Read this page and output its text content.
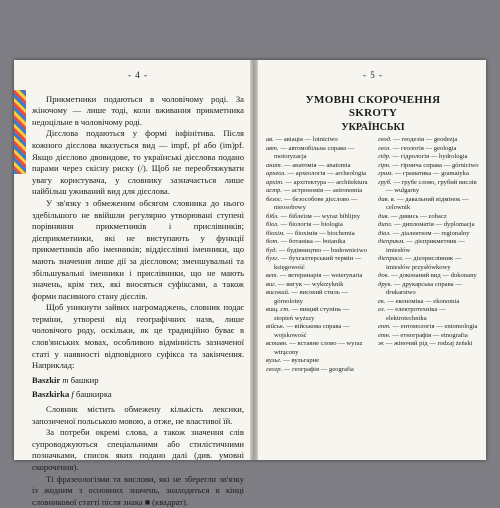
- 4 -

Прикметники подаються в чоловічому роді. За жіночому — лише тоді, коли вживання прикметника недоцільне в чоловічому роді.

Дієслова подаються у формі інфінітива. Після кожного дієслова вказується вид — impf, pf або (im)pf. Якщо дієслово двовидове, то українські дієслова подано парами через скісну риску (/). Щоб не переобтяжувати увагу користувача, у словнику зазначається лише найбільш уживаний вид для дієслова.

У зв'язку з обмеженим обсягом словника до нього здебільшого не ввійшли регулярно утворювані ступені порівняння прикметників і прислівників; дієприкметники, які не виступають у функції прикметників або іменників; віддієслівні іменники, що мають значення лише дії за дієсловом; зменшувальні та збільшувальні іменники і прислівники, що не мають значень, крім тих, які вносяться суфіксами, а також форми пасивного стану дієслів.

Щоб уникнути зайвих нагромаджень, словник подає терміни, утворені від географічних назв, лише чоловічого роду, оскільки, як це традиційно буває в слов'янських мовах, особливою відмінність зазначеної статі у наявності відповідного суфікса та закінчення. Наприклад:

Baszkir m башкир
Baszkirka f башкирка

Словник містить обмежену кількість лексики, запозиченої польською мовою, а отже, не властивої їй.

За потреби окремі слова, а також значення слів супроводжуються спеціальними або стилістичними позначками, список яких подано далі (див. умовні скорочення).

Ті фразеологізми та вислови, які не зберегли зв'язку із жодним з основних значень, знаходяться в кінці словникової статті після знака ■ (квадрат).

- 5 -
УМОВНІ СКОРОЧЕННЯ
SKROTY
УКРАЇНСЬКІ

ав. — авіація — lotnictwo

авт. — автомобільна справа — motoryzacja

анат. — анатомія — anatomia

археол. — археологія — archeologia

архіт. — архітектура — architektura

астр. — астрономія — astronomia

безос. — безособове дієслово — nieosobowy

бібл. — біблеїзм — wyraz biblijny

біол. — біологія — biologia

біохім. — біохімія — biochemia

бот. — ботаніка — botanika

буд. — будівництво — budownictwo

бухг. — бухгалтерський термін — księgowość

вет. — ветеринарія — weterynaria

виг. — вигук — wykrzyknik

високий. — високий стиль — górnolotny

вищ. ст. — вищий ступінь — stopień wyższy

військ. — військова справа — wojskowość

вставн. — вставне слово — wyraz wtrącony

вульг. — вульгарне

геогр. — географія — geografia

геод. — геодезія — geodezja

геол. — геологія — geologia

гідр. — гідрологія — hydrologia

гірн. — гірнича справа — górnictwo

грам. — граматика — gramatyka

груб. — грубе слово, грубий вислів — wulgarny

дав. в. — давальний відмінок — celownik

див. — дивись — zobacz

дипл. — дипломатія — dyplomacja

діал. — діалектизм — regionalny

дієприкм. — дієприкметник — imiesłów

дієприсл. — дієприслівник — imiesłów przysłówkowy

док. — доконаний вид — dokonany

друк. — друкарська справа — drukarstwo

ек. — економіка — ekonomia

ел. — електротехніка — elektrotechnika

ент. — ентомологія — entomologia

етн. — етнографія — etnografia

ж — жіночий рід — rodzaj żeński
